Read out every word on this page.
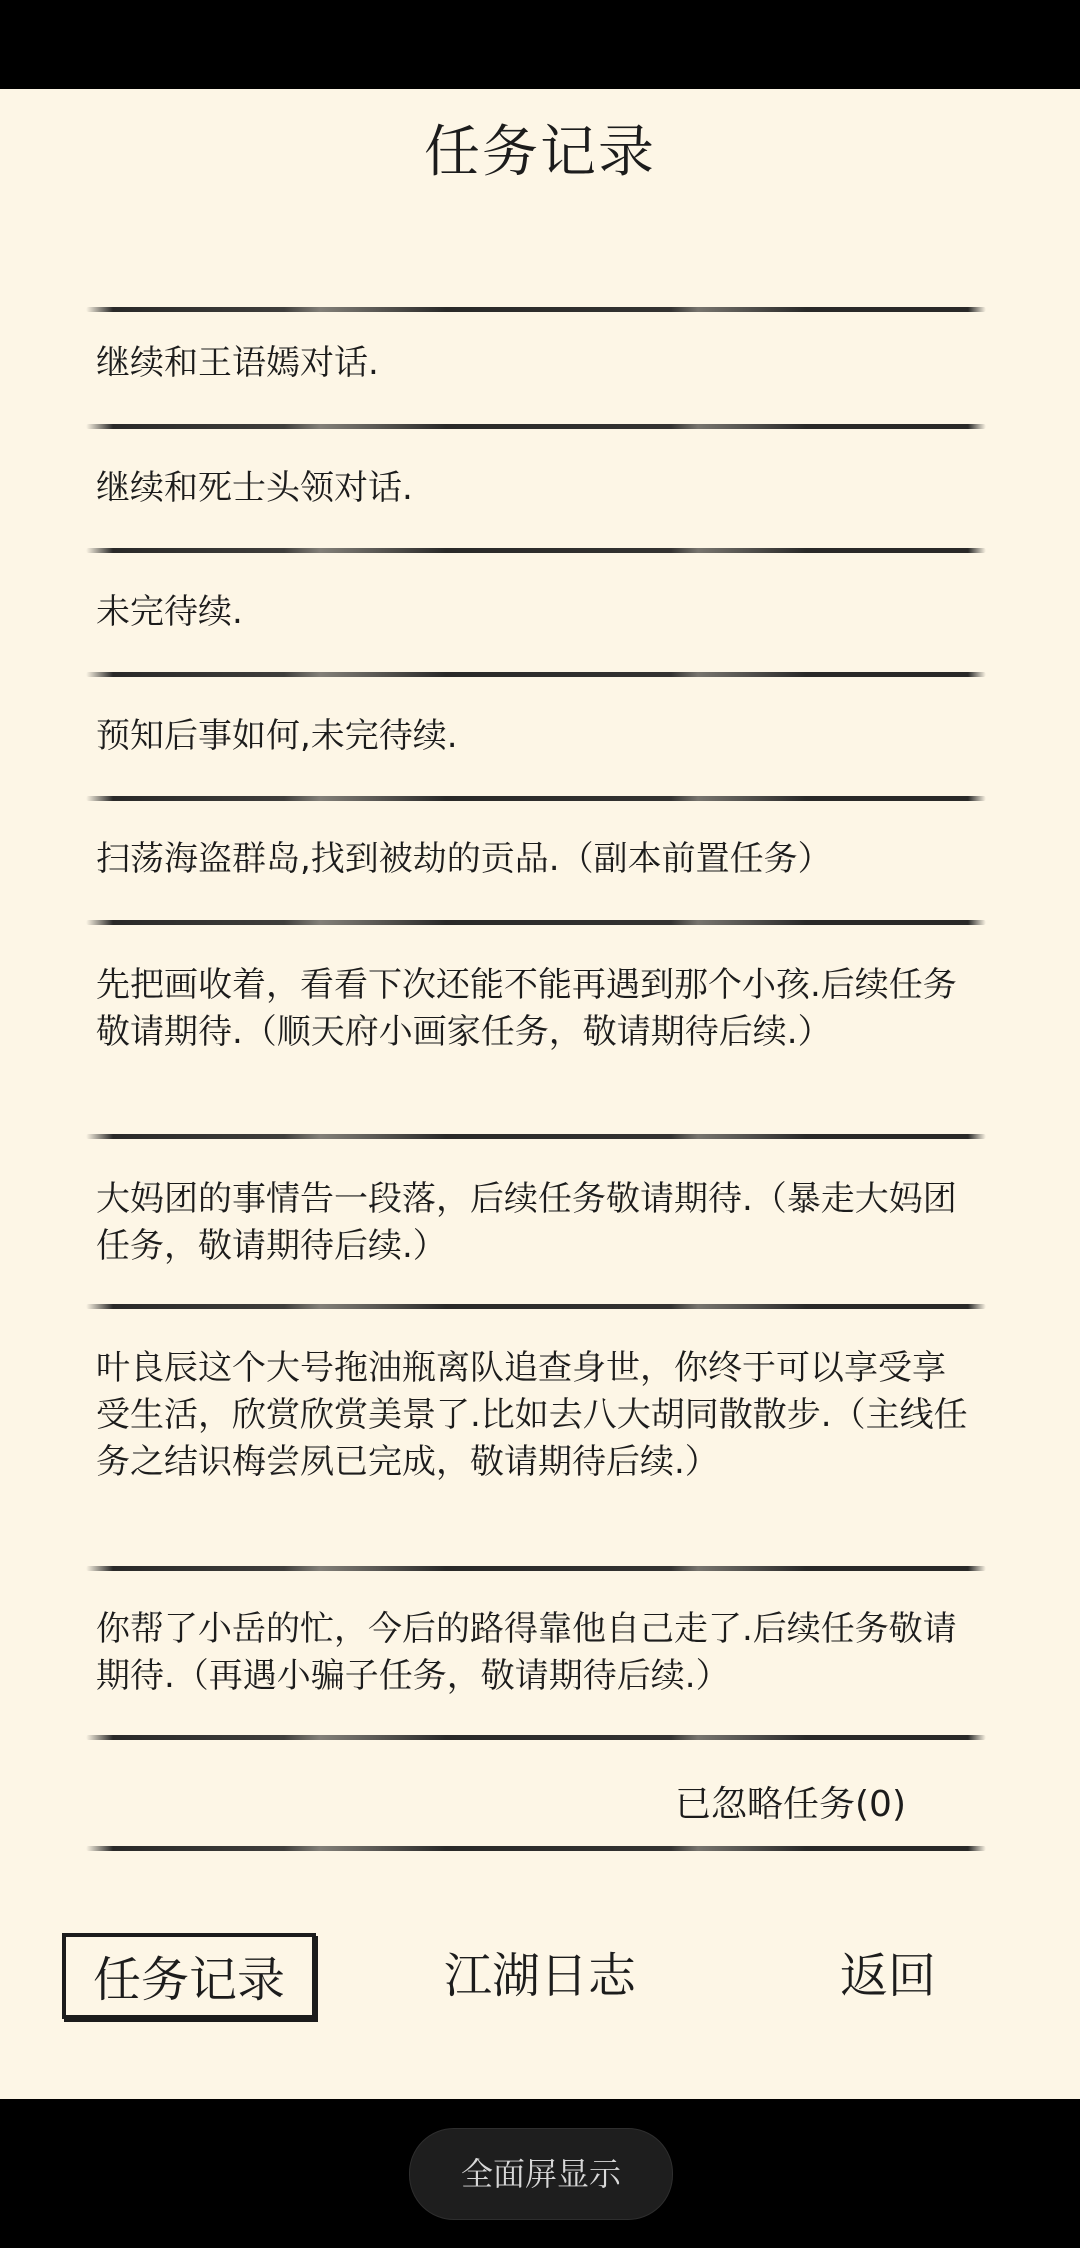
任务记录
继续和王语嫣对话.
继续和死士头领对话.
未完待续.
预知后事如何,未完待续.
扫荡海盗群岛,找到被劫的贡品.（副本前置任务）
先把画收着，看看下次还能不能再遇到那个小孩.后续任务敬请期待.（顺天府小画家任务，敬请期待后续.）
大妈团的事情告一段落，后续任务敬请期待.（暴走大妈团任务，敬请期待后续.）
叶良辰这个大号拖油瓶离队追查身世，你终于可以享受享受生活，欣赏欣赏美景了.比如去八大胡同散散步.（主线任务之结识梅尝夙已完成，敬请期待后续.）
你帮了小岳的忙，今后的路得靠他自己走了.后续任务敬请期待.（再遇小骗子任务，敬请期待后续.）
已忽略任务(0)
任务记录	江湖日志	返回
全面屏显示
